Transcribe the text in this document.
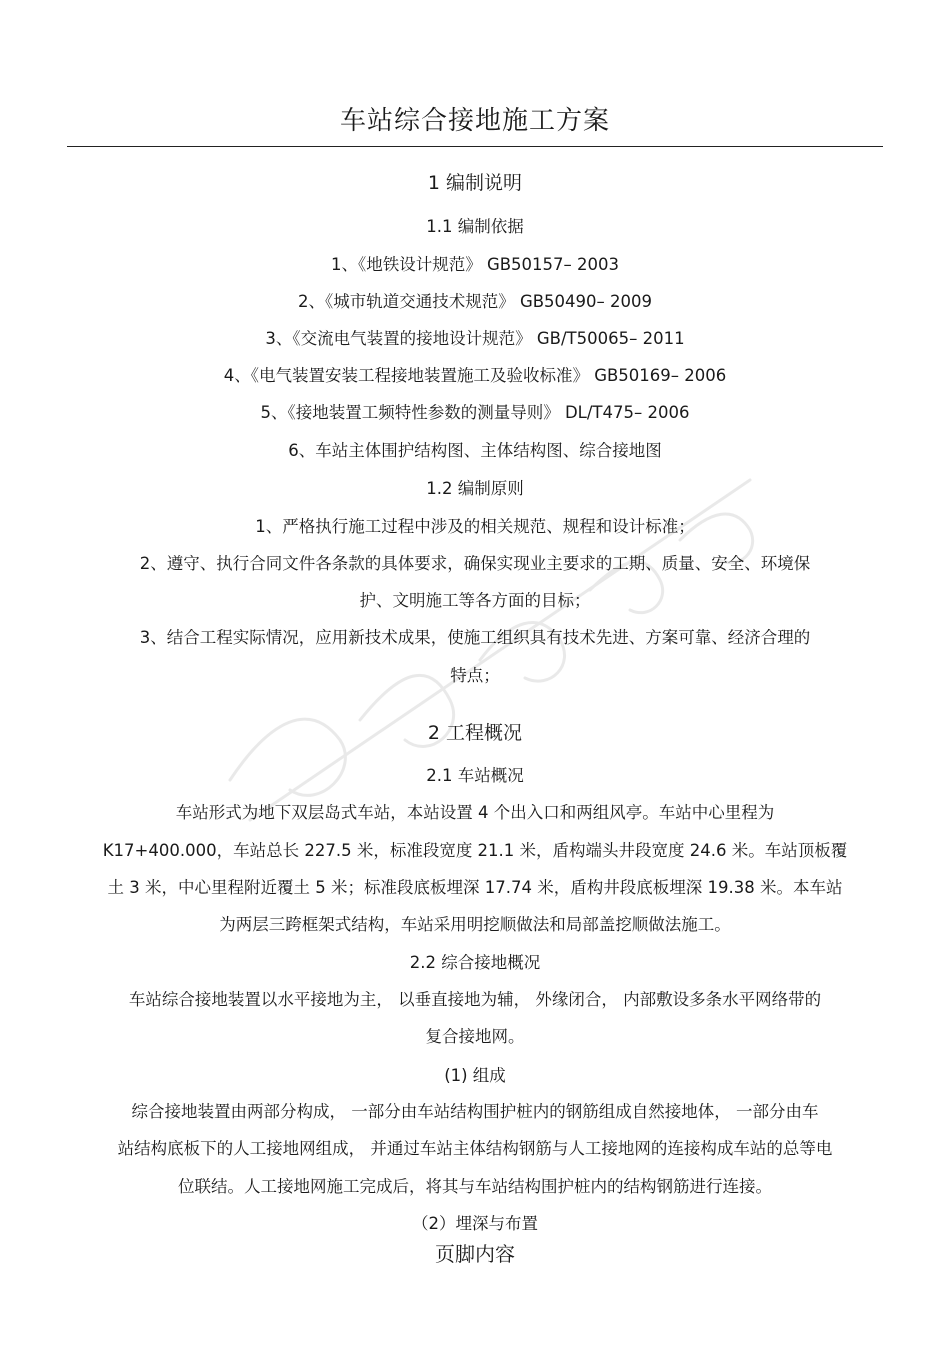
车站综合接地施工方案
1 编制说明
1.1 编制依据
1、《地铁设计规范》 GB50157– 2003
2、《城市轨道交通技术规范》 GB50490– 2009
3、《交流电气装置的接地设计规范》 GB/T50065– 2011
4、《电气装置安装工程接地装置施工及验收标准》 GB50169– 2006
5、《接地装置工频特性参数的测量导则》 DL/T475– 2006
6、车站主体围护结构图、主体结构图、综合接地图
1.2 编制原则
1、严格执行施工过程中涉及的相关规范、规程和设计标准；
2、遵守、执行合同文件各条款的具体要求，确保实现业主要求的工期、质量、安全、环境保
护、文明施工等各方面的目标；
3、结合工程实际情况，应用新技术成果，使施工组织具有技术先进、方案可靠、经济合理的
特点；
2 工程概况
2.1 车站概况
车站形式为地下双层岛式车站，本站设置 4 个出入口和两组风亭。车站中心里程为
K17+400.000，车站总长 227.5 米，标准段宽度 21.1 米，盾构端头井段宽度 24.6 米。车站顶板覆
土 3 米，中心里程附近覆土 5 米；标准段底板埋深 17.74 米，盾构井段底板埋深 19.38 米。本车站
为两层三跨框架式结构，车站采用明挖顺做法和局部盖挖顺做法施工。
2.2 综合接地概况
车站综合接地装置以水平接地为主， 以垂直接地为辅， 外缘闭合， 内部敷设多条水平网络带的
复合接地网。
(1) 组成
综合接地装置由两部分构成， 一部分由车站结构围护桩内的钢筋组成自然接地体， 一部分由车
站结构底板下的人工接地网组成， 并通过车站主体结构钢筋与人工接地网的连接构成车站的总等电
位联结。人工接地网施工完成后，将其与车站结构围护桩内的结构钢筋进行连接。
（2）埋深与布置
页脚内容
